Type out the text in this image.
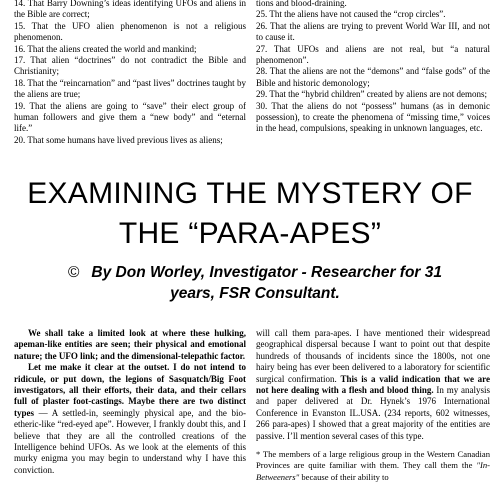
14. That Barry Downing’s ideas identifying UFOs and aliens in the Bible are correct;

15. That the UFO alien phenomenon is not a religious phenomenon.

16. That the aliens created the world and mankind;

17. That alien “doctrines” do not contradict the Bible and Christianity;

18. That the “reincarnation” and “past lives” doctrines taught by the aliens are true;

19. That the aliens are going to “save” their elect group of human followers and give them a “new body” and “eternal life.”

20. That some humans have lived previous lives as aliens;

tions and blood-draining.

25. Tht the aliens have not caused the “crop circles”.

26. That the aliens are trying to prevent World War III, and not to cause it.

27. That UFOs and aliens are not real, but “a natural phenomenon”.

28. That the aliens are not the “demons” and “false gods” of the Bible and historic demonology;

29. That the “hybrid children” created by aliens are not demons;

30. That the aliens do not “possess” humans (as in demonic possession), to create the phenomena of “missing time,” voices in the head, compulsions, speaking in unknown languages, etc.

EXAMINING THE MYSTERY OF
THE “PARA-APES”
© By Don Worley, Investigator - Researcher for 31
years, FSR Consultant.

We shall take a limited look at where these hulking, apeman-like entities are seen; their physical and emotional nature; the UFO link; and the dimensional-telepathic factor.

Let me make it clear at the outset. I do not intend to ridicule, or put down, the legions of Sasquatch/Big Foot investigators, all their efforts, their data, and their cellars full of plaster foot-castings. Maybe there are two distinct types — A settled-in, seemingly physical ape, and the bio-etheric-like “red-eyed ape”. However, I frankly doubt this, and I believe that they are all the controlled creations of the Intelligence behind UFOs. As we look at the elements of this murky enigma you may begin to understand why I have this conviction.

will call them para-apes. I have mentioned their widespread geographical dispersal because I want to point out that despite hundreds of thousands of incidents since the 1800s, not one hairy being has ever been delivered to a laboratory for scientific surgical confirmation. This is a valid indication that we are not here dealing with a flesh and blood thing. In my analysis and paper delivered at Dr. Hynek’s 1976 International Conference in Evanston IL.USA. (234 reports, 602 witnesses, 266 para-apes) I showed that a great majority of the entities are passive. I’ll mention several cases of this type.

* The members of a large religious group in the Western Canadian Provinces are quite familiar with them. They call them the "In-Betweeners" because of their ability to
